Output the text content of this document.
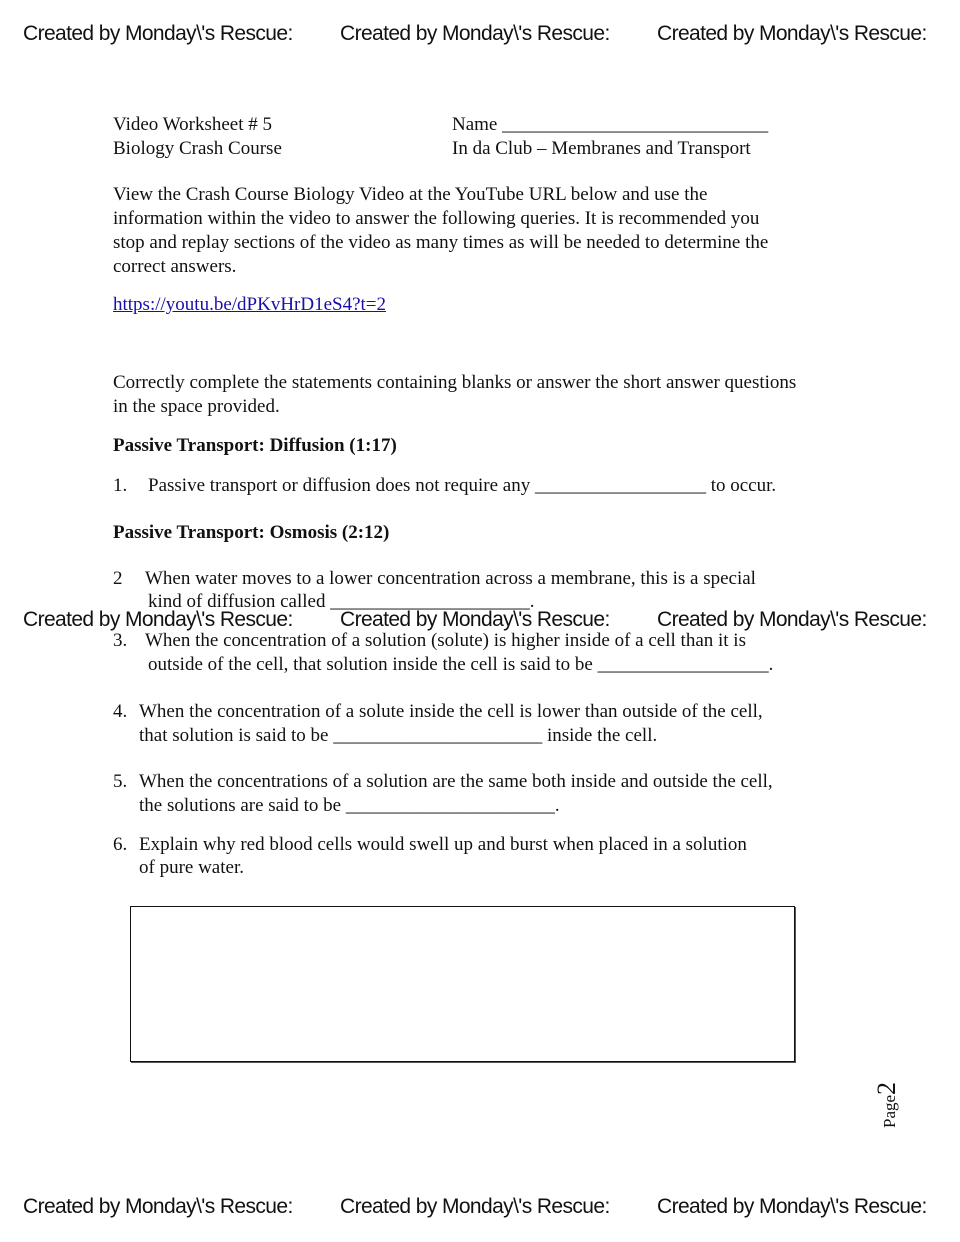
Created by Monday\'s Rescue: Created by Monday\'s Rescue: Created by Monday\'s Rescue:
Created by Monday\'s Rescue: Created by Monday\'s Rescue: Created by Monday\'s Rescue:
Created by Monday\'s Rescue: Created by Monday\'s Rescue: Created by Monday\'s Rescue:
Video Worksheet # 5
Biology Crash Course
Name ____________________________
In da Club – Membranes and Transport
View the Crash Course Biology Video at the YouTube URL below and use the
information within the video to answer the following queries. It is recommended you
stop and replay sections of the video as many times as will be needed to determine the
correct answers.
https://youtu.be/dPKvHrD1eS4?t=2
Correctly complete the statements containing blanks or answer the short answer questions
in the space provided.
Passive Transport: Diffusion (1:17)
1. Passive transport or diffusion does not require any __________________ to occur.
Passive Transport: Osmosis (2:12)
2 When water moves to a lower concentration across a membrane, this is a special
kind of diffusion called _____________________.
3. When the concentration of a solution (solute) is higher inside of a cell than it is
outside of the cell, that solution inside the cell is said to be __________________.
4. When the concentration of a solute inside the cell is lower than outside of the cell,
that solution is said to be ______________________ inside the cell.
5. When the concentrations of a solution are the same both inside and outside the cell,
the solutions are said to be ______________________.
6. Explain why red blood cells would swell up and burst when placed in a solution
of pure water.
Page2
